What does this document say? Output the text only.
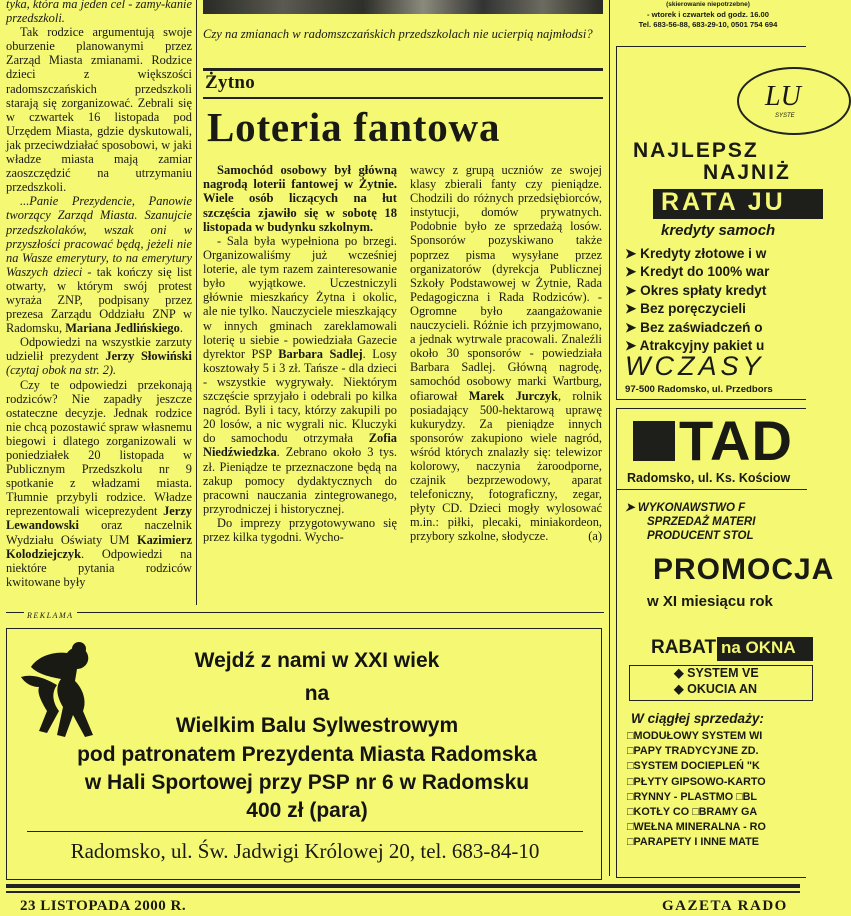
tyka, która ma jeden cel - zamy-kanie przedszkoli.

Tak rodzice argumentują swoje oburzenie planowanymi przez Zarząd Miasta zmianami. Rodzice dzieci z większości radomszczańskich przedszkoli starają się zorganizować. Zebrali się w czwartek 16 listopada pod Urzędem Miasta, gdzie dyskutowali, jak przeciwdziałać sposobowi, w jaki władze miasta mają zamiar zaoszczędzić na utrzymaniu przedszkoli.

...Panie Prezydencie, Panowie tworzący Zarząd Miasta. Szanujcie przedszkolaków, wszak oni w przyszłości pracować będą, jeżeli nie na Wasze emerytury, to na emerytury Waszych dzieci - tak kończy się list otwarty, w którym swój protest wyraża ZNP, podpisany przez prezesa Zarządu Oddziału ZNP w Radomsku, Mariana Jedlińskiego.

Odpowiedzi na wszystkie zarzuty udzielił prezydent Jerzy Słowiński (czytaj obok na str. 2).

Czy te odpowiedzi przekonają rodziców? Nie zapadły jeszcze ostateczne decyzje. Jednak rodzice nie chcą pozostawić spraw własnemu biegowi i dlatego zorganizowali w poniedziałek 20 listopada w Publicznym Przedszkolu nr 9 spotkanie z władzami miasta. Tłumnie przybyli rodzice. Władze reprezentowali wiceprezydent Jerzy Lewandowski oraz naczelnik Wydziału Oświaty UM Kazimierz Kolodziejczyk. Odpowiedzi na niektóre pytania rodziców kwitowane były

Czy na zmianach w radomszczańskich przedszkolach nie ucierpią najmłodsi?
Żytno
Loteria fantowa

Samochód osobowy był główną nagrodą loterii fantowej w Żytnie. Wiele osób liczących na łut szczęścia zjawiło się w sobotę 18 listopada w budynku szkolnym.

- Sala była wypełniona po brzegi. Organizowaliśmy już wcześniej loterie, ale tym razem zainteresowanie było wyjątkowe. Uczestniczyli głównie mieszkańcy Żytna i okolic, ale nie tylko. Nauczyciele mieszkający w innych gminach zareklamowali loterię u siebie - powiedziała Gazecie dyrektor PSP Barbara Sadlej. Losy kosztowały 5 i 3 zł. Tańsze - dla dzieci - wszystkie wygrywały. Niektórym szczęście sprzyjało i odebrali po kilka nagród. Byli i tacy, którzy zakupili po 20 losów, a nic wygrali nic. Kluczyki do samochodu otrzymała Zofia Niedźwiedzka. Zebrano około 3 tys. zł. Pieniądze te przeznaczone będą na zakup pomocy dydaktycznych do pracowni nauczania zintegrowanego, przyrodniczej i historycznej.

Do imprezy przygotowywano się przez kilka tygodni. Wycho-

wawcy z grupą uczniów ze swojej klasy zbierali fanty czy pieniądze. Chodzili do różnych przedsiębiorców, instytucji, domów prywatnych. Podobnie było ze sprzedażą losów. Sponsorów pozyskiwano także poprzez pisma wysyłane przez organizatorów (dyrekcja Publicznej Szkoły Podstawowej w Żytnie, Rada Pedagogiczna i Rada Rodziców). - Ogromne było zaangażowanie nauczycieli. Różnie ich przyjmowano, a jednak wytrwale pracowali. Znaleźli około 30 sponsorów - powiedziała Barbara Sadlej. Główną nagrodę, samochód osobowy marki Wartburg, ofiarował Marek Jurczyk, rolnik posiadający 500-hektarową uprawę kukurydzy. Za pieniądze innych sponsorów zakupiono wiele nagród, wśród których znalazły się: telewizor kolorowy, naczynia żaroodporne, czajnik bezprzewodowy, aparat telefoniczny, fotograficzny, zegar, płyty CD. Dzieci mogły wylosować m.in.: piłki, plecaki, miniakordeon, przybory szkolne, słodycze.	(a)

(skierowanie niepotrzebne)
- wtorek i czwartek od godz. 16.00
Tel. 683-56-88, 683-29-10, 0501 754 694
LU
SYSTE
NAJLEPSZ
NAJNIŻ
RATA JU
kredyty samoch
➤ Kredyty złotowe i w
➤ Kredyt do 100% war
➤ Okres spłaty kredyt
➤ Bez poręczycieli
➤ Bez zaświadczeń o
➤ Atrakcyjny pakiet u
WCZASY
97-500 Radomsko, ul. Przedbors
TAD
Radomsko, ul. Ks. Kościow
➤ WYKONAWSTWO F
SPRZEDAŻ MATERI
PRODUCENT STOL
PROMOCJA
w XI miesiącu rok
RABAT na OKNA
◆ SYSTEM VE
◆ OKUCIA AN
W ciągłej sprzedaży:
□MODUŁOWY SYSTEM WI
□PAPY TRADYCYJNE ZD.
□SYSTEM DOCIEPLEŃ "K
□PŁYTY GIPSOWO-KARTO
□RYNNY - PLASTMO □BL
□KOTŁY CO □BRAMY GA
□WEŁNA MINERALNA - RO
□PARAPETY I INNE MATE
REKLAMA
Wejdź z nami w XXI wiek
na
Wielkim Balu Sylwestrowym
pod patronatem Prezydenta Miasta Radomska
w Hali Sportowej przy PSP nr 6 w Radomsku
400 zł (para)
Radomsko, ul. Św. Jadwigi Królowej 20, tel. 683-84-10
23 LISTOPADA 2000 R.	GAZETA RADO
